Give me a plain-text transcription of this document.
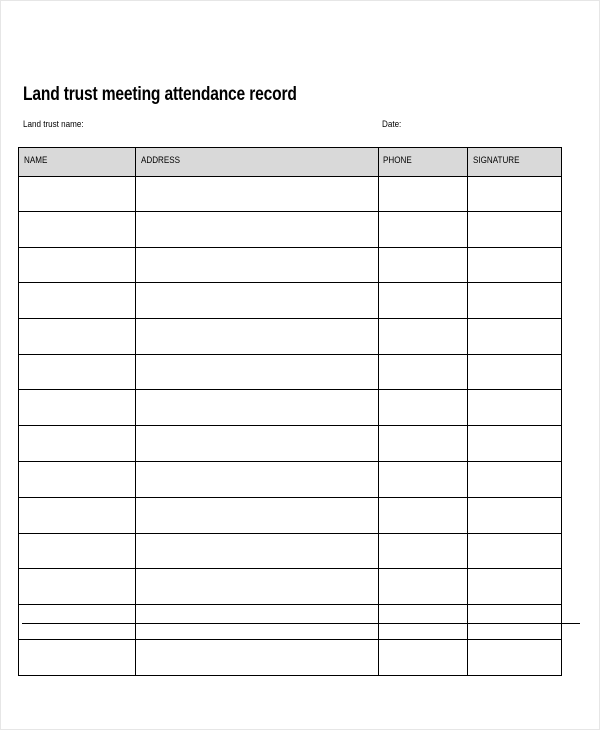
Land trust meeting attendance record
Land trust name:	Date:
NAME	ADDRESS	PHONE	SIGNATURE
